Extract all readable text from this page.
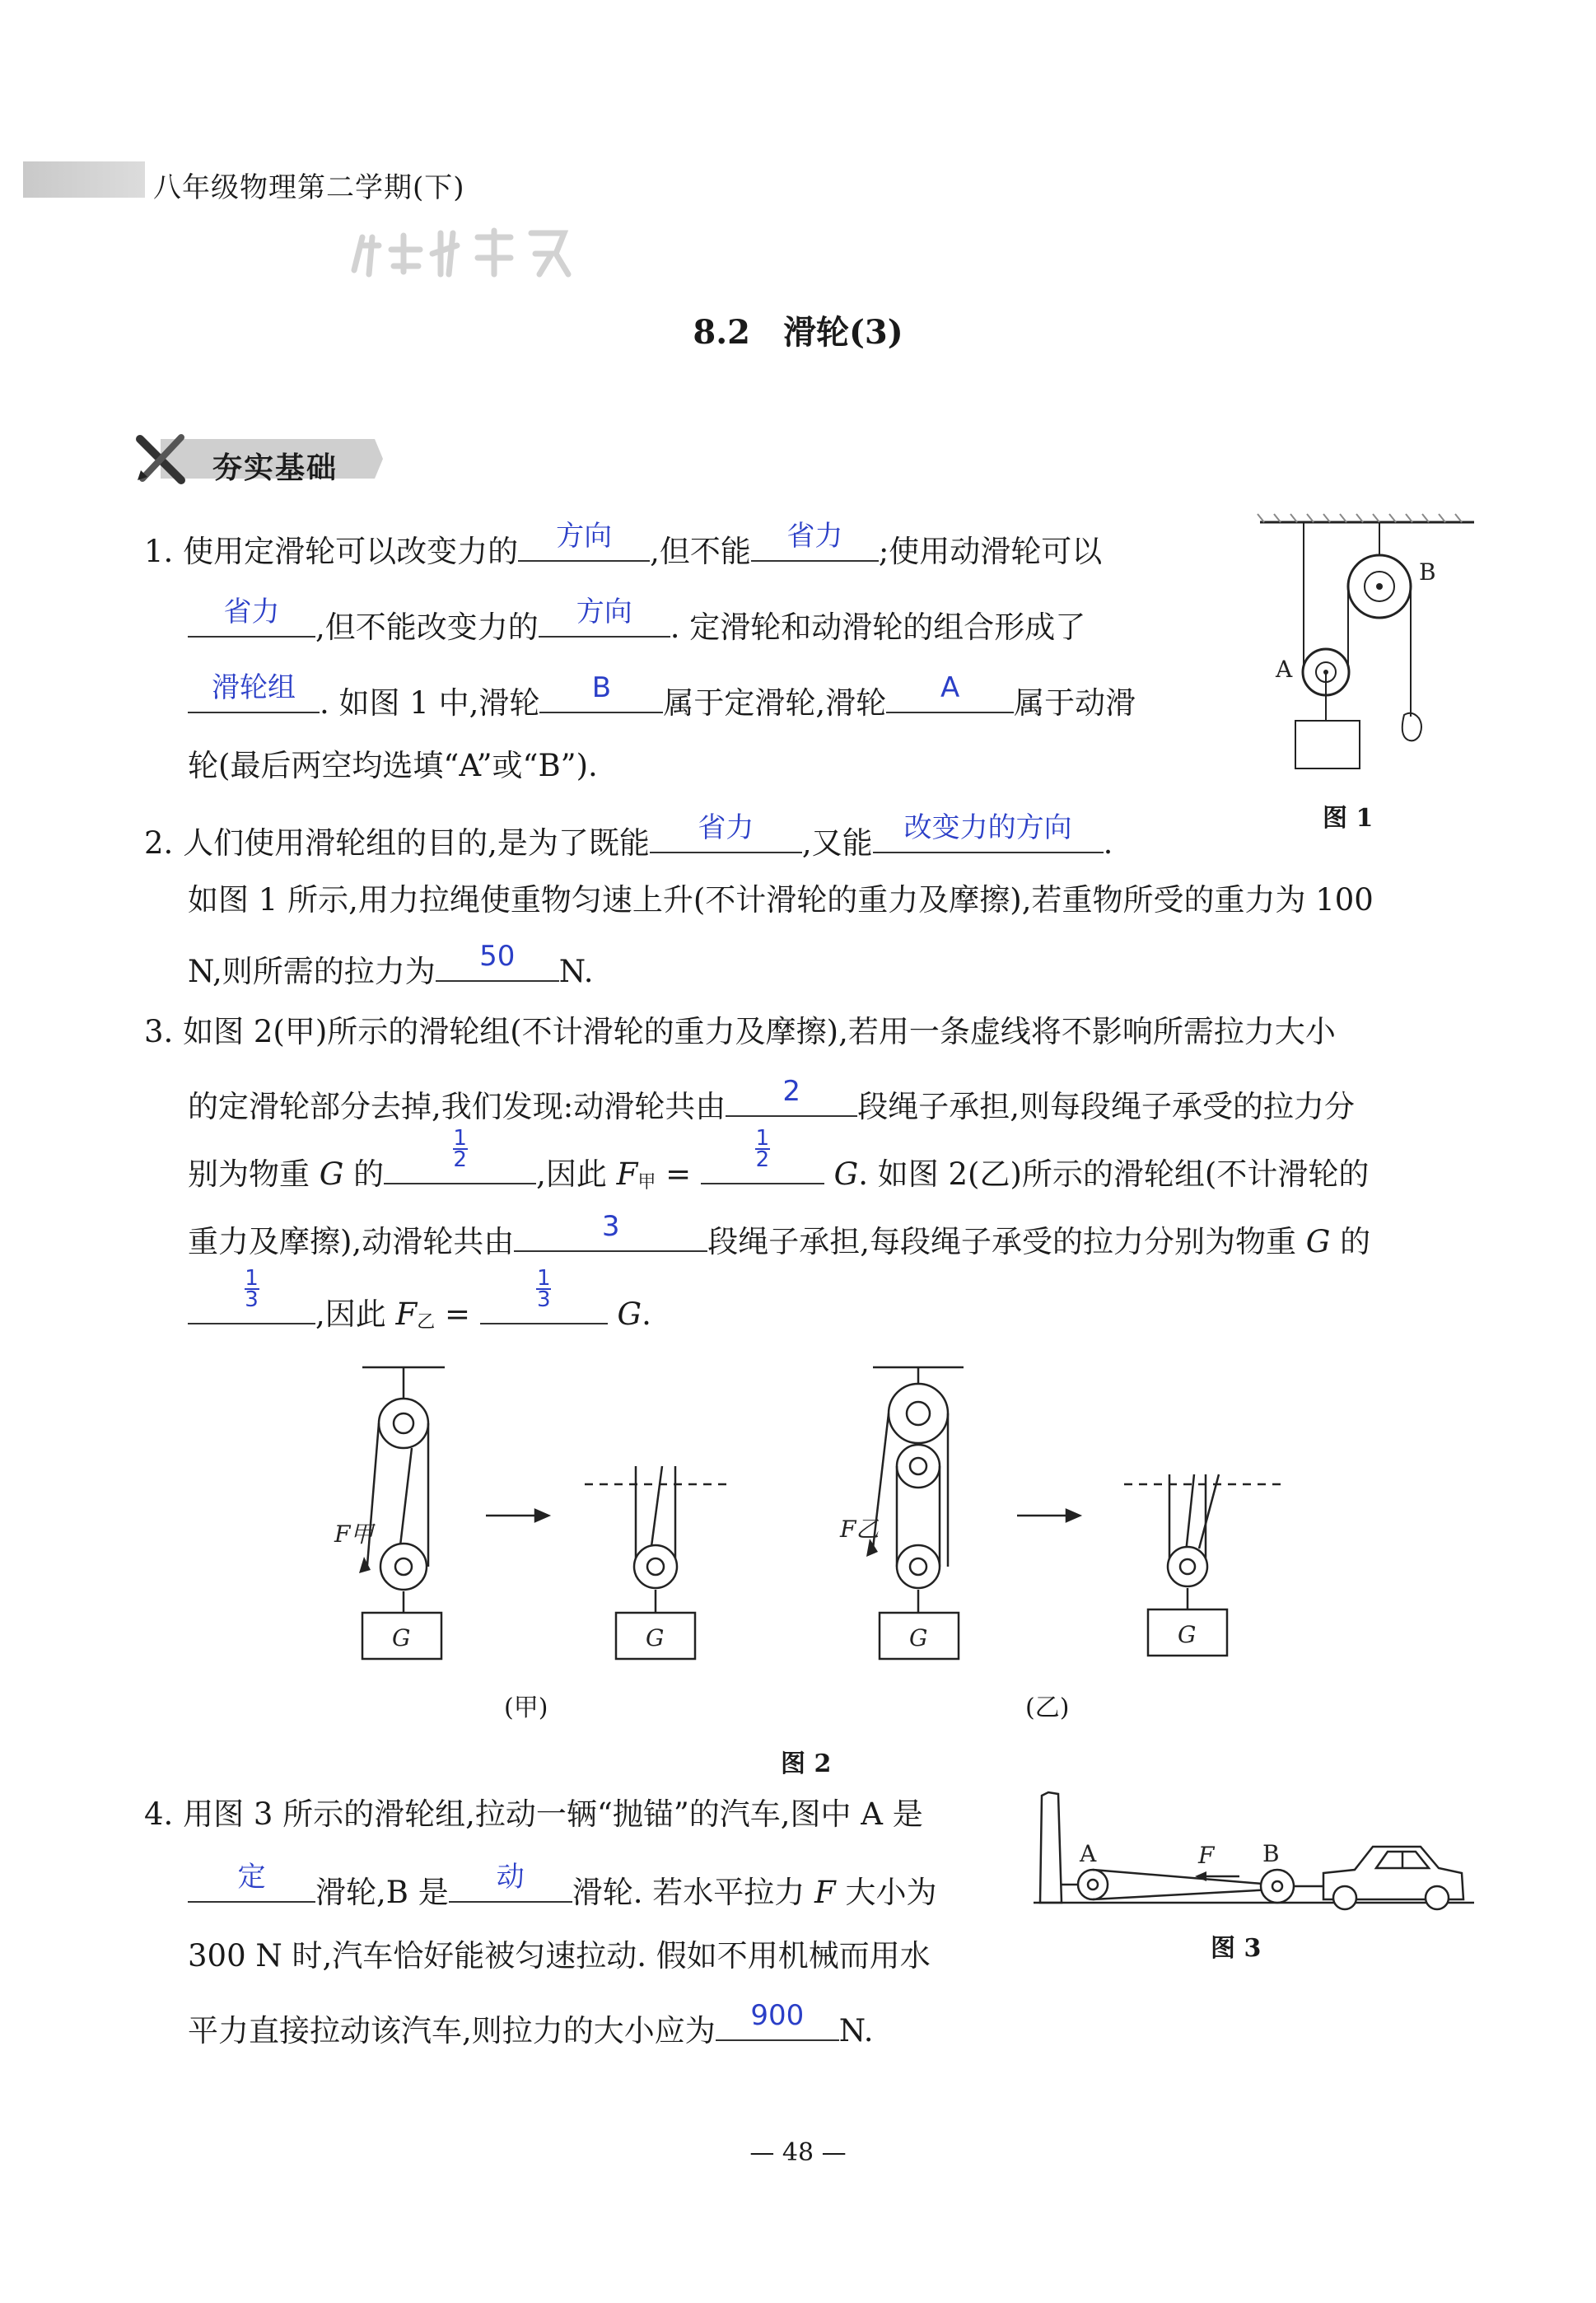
八年级物理第二学期(下)
8.2 滑轮(3)
夯实基础
1. 使用定滑轮可以改变力的	方向	,但不能	省力	;使用动滑轮可以
省力	,但不能改变力的	方向	. 定滑轮和动滑轮的组合形成了
滑轮组 . 如图 1 中,滑轮	B	属于定滑轮,滑轮	A	属于动滑
轮(最后两空均选填“A”或“B”).
A
B
图 1
2. 人们使用滑轮组的目的,是为了既能	省力	,又能	改变力的方向	.
如图 1 所示,用力拉绳使重物匀速上升(不计滑轮的重力及摩擦),若重物所受的重力为 100
N,则所需的拉力为	50	N.
3. 如图 2(甲)所示的滑轮组(不计滑轮的重力及摩擦),若用一条虚线将不影响所需拉力大小
的定滑轮部分去掉,我们发现:动滑轮共由	2	段绳子承担,则每段绳子承受的拉力分
别为物重 G 的
$\frac{1}{2}$
,因此 $F_甲$ =
$\frac{1}{2}$
G. 如图 2(乙)所示的滑轮组(不计滑轮的
重力及摩擦),动滑轮共由	3	段绳子承担,每段绳子承受的拉力分别为物重 G 的
$\frac{1}{3}$
,因此 $F_乙$ =
$\frac{1}{3}$
G.
G	G	G	G
F甲	F乙
(甲)	(乙)
图 2
4. 用图 3 所示的滑轮组,拉动一辆“抛锚”的汽车,图中 A 是
定	滑轮,B 是	动	滑轮. 若水平拉力 F 大小为
300 N 时,汽车恰好能被匀速拉动. 假如不用机械而用水
平力直接拉动该汽车,则拉力的大小应为	900	N.
A	B
F
图 3
— 48 —
